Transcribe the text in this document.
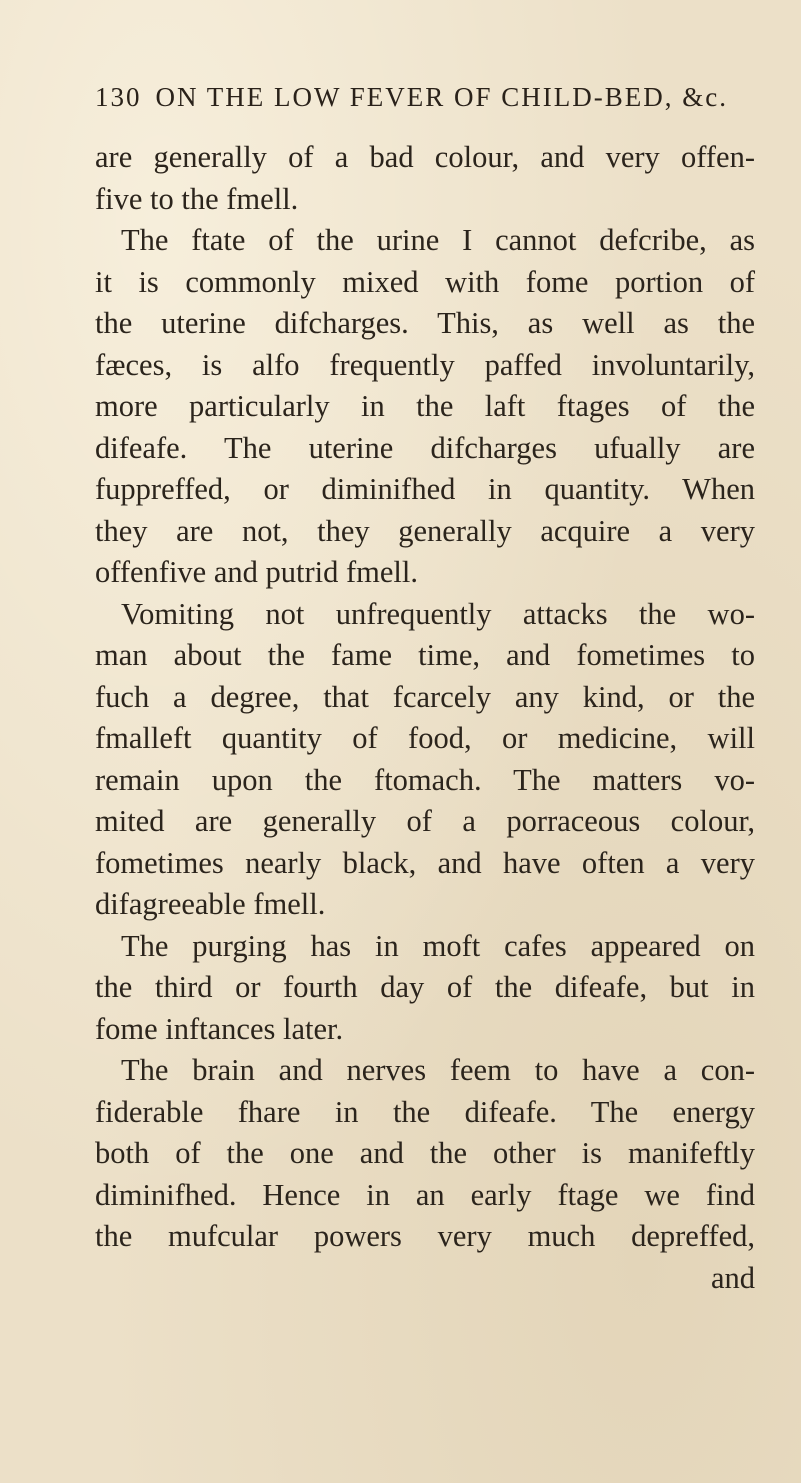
130 ON THE LOW FEVER OF CHILD-BED, &c.
are generally of a bad colour, and very offen-
five to the fmell.
The ftate of the urine I cannot defcribe, as
it is commonly mixed with fome portion of
the uterine difcharges. This, as well as the
fæces, is alfo frequently paffed involuntarily,
more particularly in the laft ftages of the
difeafe. The uterine difcharges ufually are
fuppreffed, or diminifhed in quantity. When
they are not, they generally acquire a very
offenfive and putrid fmell.
Vomiting not unfrequently attacks the wo-
man about the fame time, and fometimes to
fuch a degree, that fcarcely any kind, or the
fmalleft quantity of food, or medicine, will
remain upon the ftomach. The matters vo-
mited are generally of a porraceous colour,
fometimes nearly black, and have often a very
difagreeable fmell.
The purging has in moft cafes appeared on
the third or fourth day of the difeafe, but in
fome inftances later.
The brain and nerves feem to have a con-
fiderable fhare in the difeafe. The energy
both of the one and the other is manifeftly
diminifhed. Hence in an early ftage we find
the mufcular powers very much depreffed,
and
